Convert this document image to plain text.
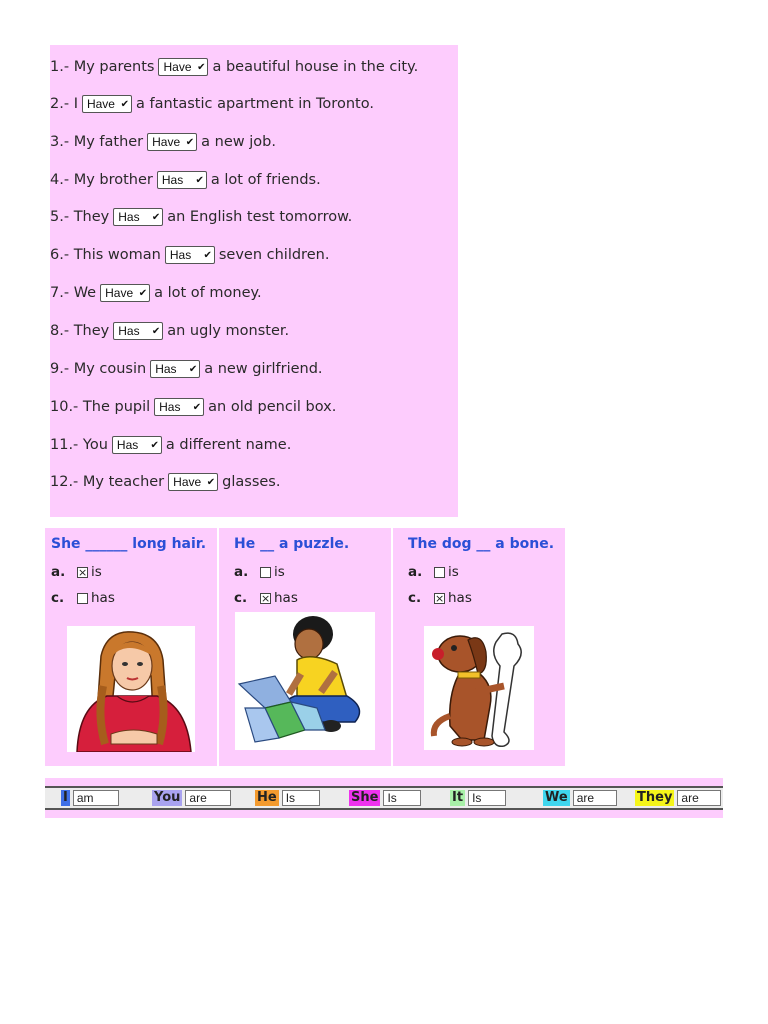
1.-
My parents Have ✔ a beautiful house in the city.
2.-
I Have ✔ a fantastic apartment in Toronto.
3.-
My father Have ✔ a new job.
4.-
My brother Has ✔ a lot of friends.
5.-
They Has ✔ an English test tomorrow.
6.-
This woman Has ✔ seven children.
7.-
We Have ✔ a lot of money.
8.-
They Has ✔ an ugly monster.
9.-
My cousin Has ✔ a new girlfriend.
10.-
The pupil Has ✔ an old pencil box.
11.-
You Has ✔ a different name.
12.-
My teacher Have ✔ glasses.
She ______ long hair.
a.	× is
c.	has
He __ a puzzle.
a.	is
c.	× has
The dog __ a bone.
a.	is
c.	× has
I am	You are	He Is	She Is	It Is	We are	They are
